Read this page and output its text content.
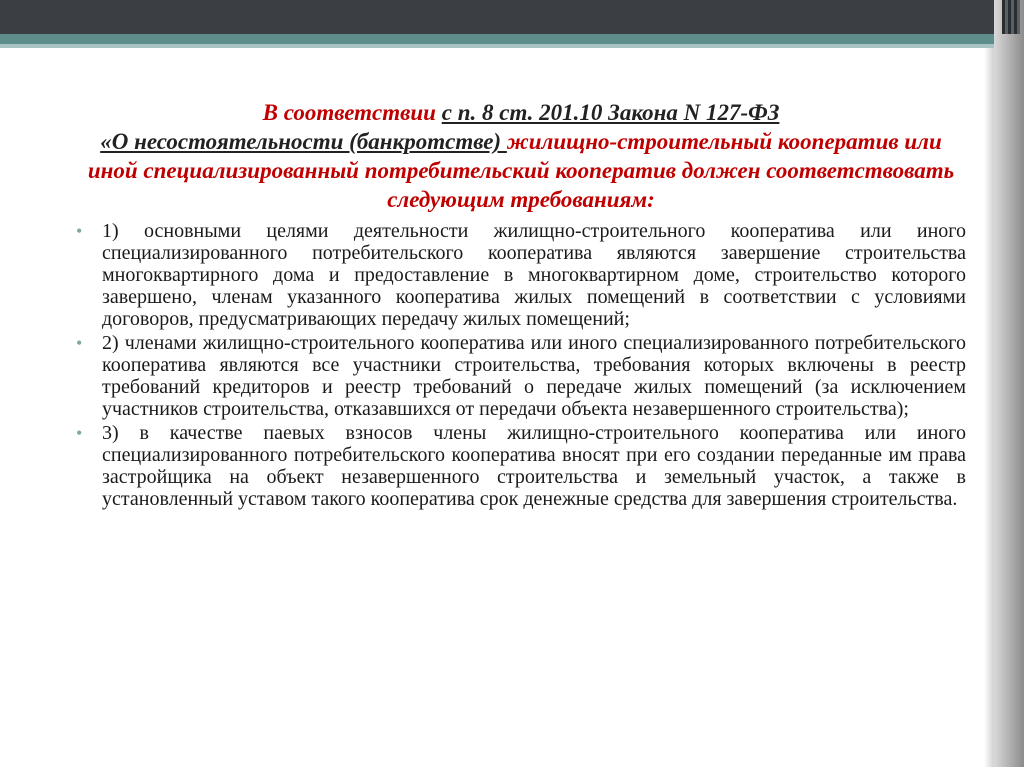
В соответствии с п. 8 ст. 201.10 Закона N 127-ФЗ
«О несостоятельности (банкротстве) жилищно-строительный кооператив или иной специализированный потребительский кооператив должен соответствовать следующим требованиям:

• 1) основными целями деятельности жилищно-строительного кооператива или иного специализированного потребительского кооператива являются завершение строительства многоквартирного дома и предоставление в многоквартирном доме, строительство которого завершено, членам указанного кооператива жилых помещений в соответствии с условиями договоров, предусматривающих передачу жилых помещений;
• 2) членами жилищно-строительного кооператива или иного специализированного потребительского кооператива являются все участники строительства, требования которых включены в реестр требований кредиторов и реестр требований о передаче жилых помещений (за исключением участников строительства, отказавшихся от передачи объекта незавершенного строительства);
• 3) в качестве паевых взносов члены жилищно-строительного кооператива или иного специализированного потребительского кооператива вносят при его создании переданные им права застройщика на объект незавершенного строительства и земельный участок, а также в установленный уставом такого кооператива срок денежные средства для завершения строительства.
